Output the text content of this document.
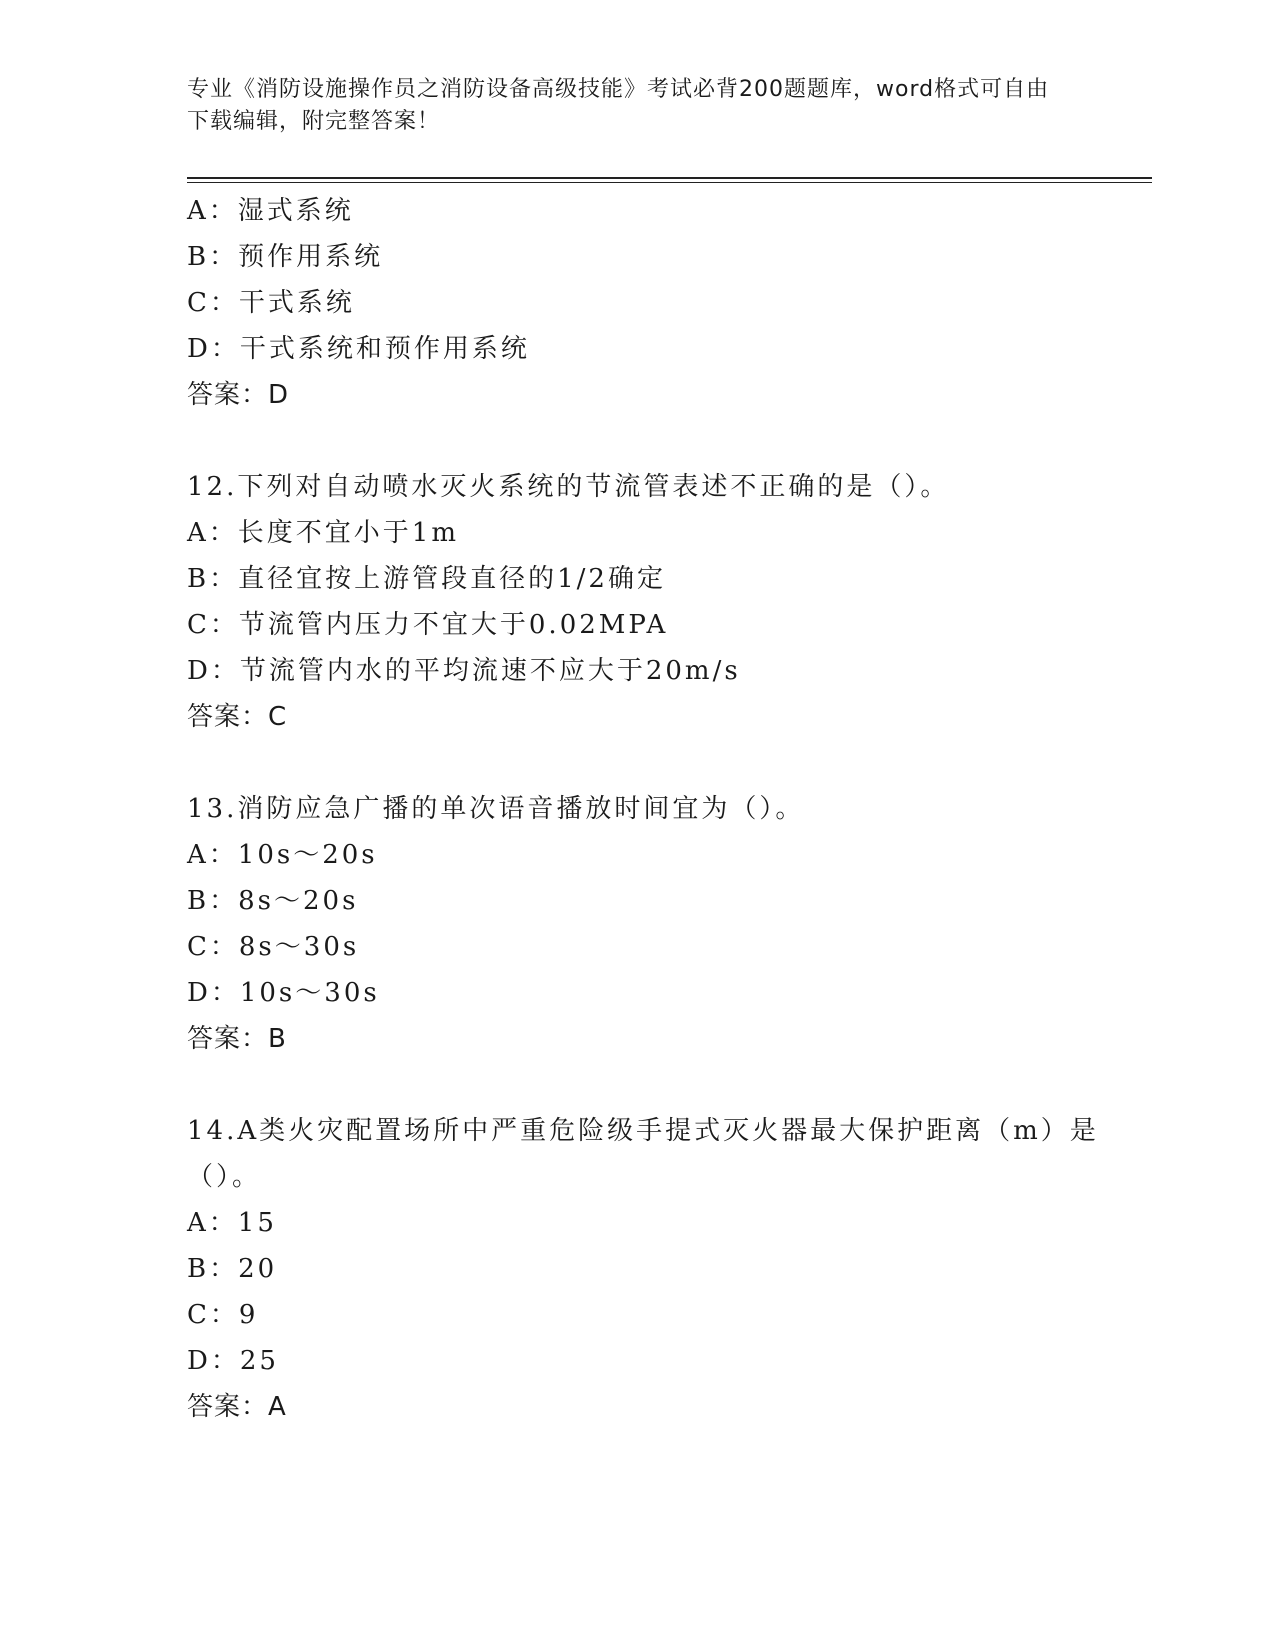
专业《消防设施操作员之消防设备高级技能》考试必背200题题库，word格式可自由下载编辑，附完整答案！
A：湿式系统
B：预作用系统
C：干式系统
D：干式系统和预作用系统
答案：D
12.下列对自动喷水灭火系统的节流管表述不正确的是（）。
A：长度不宜小于1m
B：直径宜按上游管段直径的1/2确定
C：节流管内压力不宜大于0.02MPA
D：节流管内水的平均流速不应大于20m/s
答案：C
13.消防应急广播的单次语音播放时间宜为（）。
A：10s～20s
B：8s～20s
C：8s～30s
D：10s～30s
答案：B
14.A类火灾配置场所中严重危险级手提式灭火器最大保护距离（m）是（）。
A：15
B：20
C：9
D：25
答案：A
